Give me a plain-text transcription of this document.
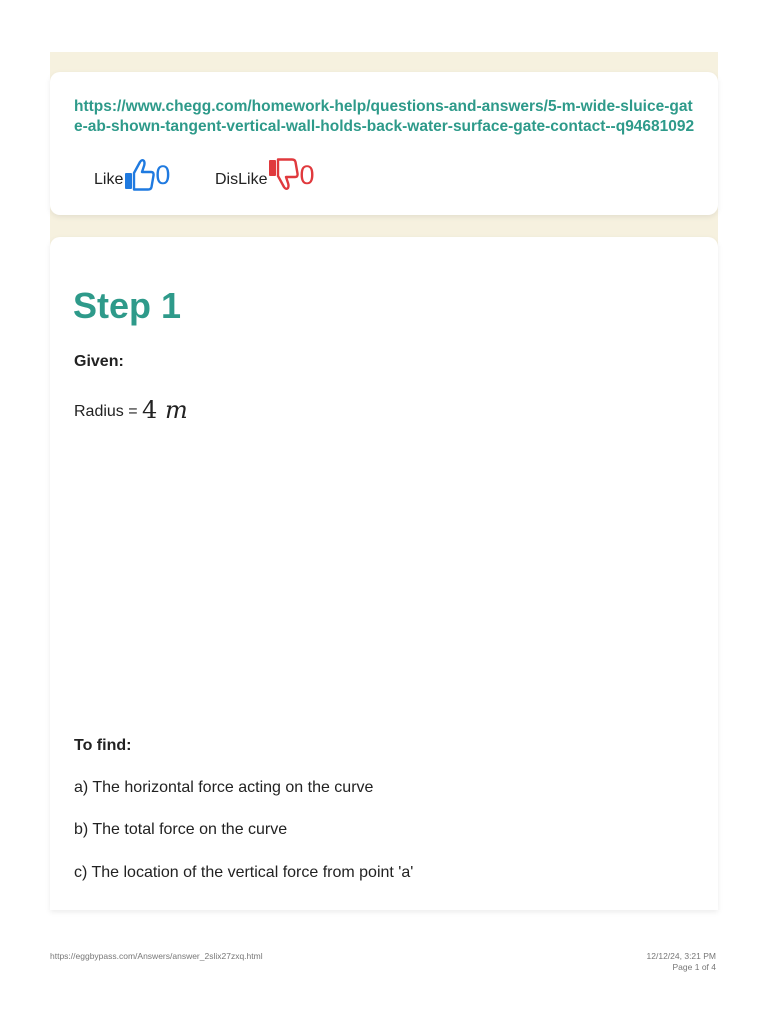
https://www.chegg.com/homework-help/questions-and-answers/5-m-wide-sluice-gate-ab-shown-tangent-vertical-wall-holds-back-water-surface-gate-contact--q94681092
Like 0	DisLike 0
Step 1
Given:
Radius = 4 m
To find:
a) The horizontal force acting on the curve
b) The total force on the curve
c) The location of the vertical force from point 'a'
https://eggbypass.com/Answers/answer_2slix27zxq.html	12/12/24, 3:21 PM
Page 1 of 4
